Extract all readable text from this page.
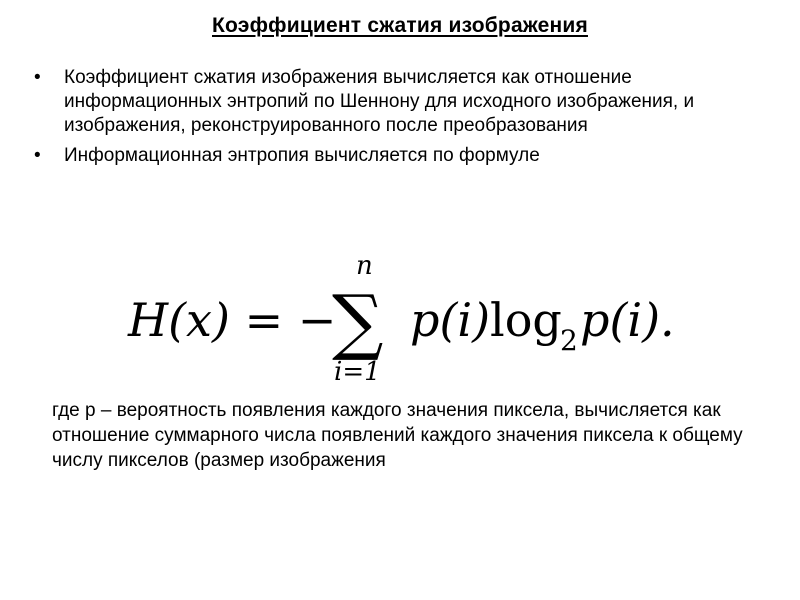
Коэффициент сжатия изображения
• Коэффициент сжатия изображения вычисляется как отношение информационных энтропий по Шеннону для исходного изображения, и изображения, реконструированного после преобразования
• Информационная энтропия вычисляется по формуле
H(x) = −
n
∑
i=1
p(i) log
2 p(i).

где p – вероятность появления каждого значения пиксела, вычисляется как отношение суммарного числа появлений каждого значения пиксела к общему числу пикселов (размер изображения
